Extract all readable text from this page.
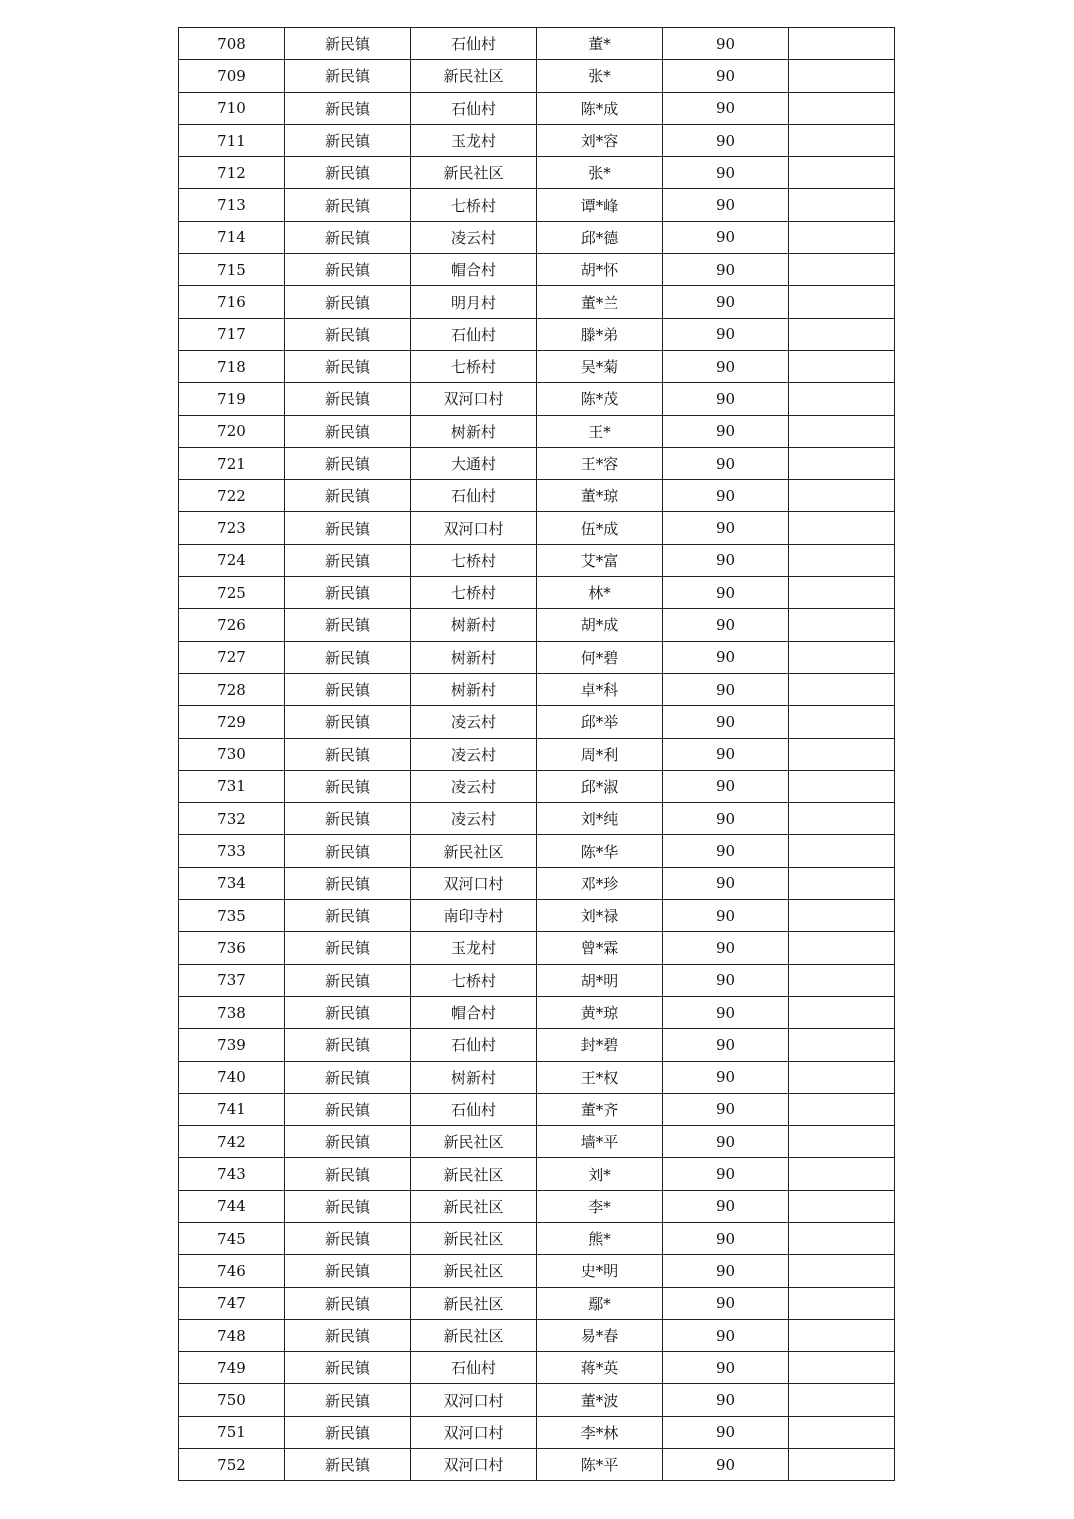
708	新民镇	石仙村	董*	90	
709	新民镇	新民社区	张*	90	
710	新民镇	石仙村	陈*成	90	
711	新民镇	玉龙村	刘*容	90	
712	新民镇	新民社区	张*	90	
713	新民镇	七桥村	谭*峰	90	
714	新民镇	凌云村	邱*德	90	
715	新民镇	帽合村	胡*怀	90	
716	新民镇	明月村	董*兰	90	
717	新民镇	石仙村	滕*弟	90	
718	新民镇	七桥村	吴*菊	90	
719	新民镇	双河口村	陈*茂	90	
720	新民镇	树新村	王*	90	
721	新民镇	大通村	王*容	90	
722	新民镇	石仙村	董*琼	90	
723	新民镇	双河口村	伍*成	90	
724	新民镇	七桥村	艾*富	90	
725	新民镇	七桥村	林*	90	
726	新民镇	树新村	胡*成	90	
727	新民镇	树新村	何*碧	90	
728	新民镇	树新村	卓*科	90	
729	新民镇	凌云村	邱*举	90	
730	新民镇	凌云村	周*利	90	
731	新民镇	凌云村	邱*淑	90	
732	新民镇	凌云村	刘*纯	90	
733	新民镇	新民社区	陈*华	90	
734	新民镇	双河口村	邓*珍	90	
735	新民镇	南印寺村	刘*禄	90	
736	新民镇	玉龙村	曾*霖	90	
737	新民镇	七桥村	胡*明	90	
738	新民镇	帽合村	黄*琼	90	
739	新民镇	石仙村	封*碧	90	
740	新民镇	树新村	王*权	90	
741	新民镇	石仙村	董*齐	90	
742	新民镇	新民社区	墙*平	90	
743	新民镇	新民社区	刘*	90	
744	新民镇	新民社区	李*	90	
745	新民镇	新民社区	熊*	90	
746	新民镇	新民社区	史*明	90	
747	新民镇	新民社区	鄢*	90	
748	新民镇	新民社区	易*春	90	
749	新民镇	石仙村	蒋*英	90	
750	新民镇	双河口村	董*波	90	
751	新民镇	双河口村	李*林	90	
752	新民镇	双河口村	陈*平	90	
